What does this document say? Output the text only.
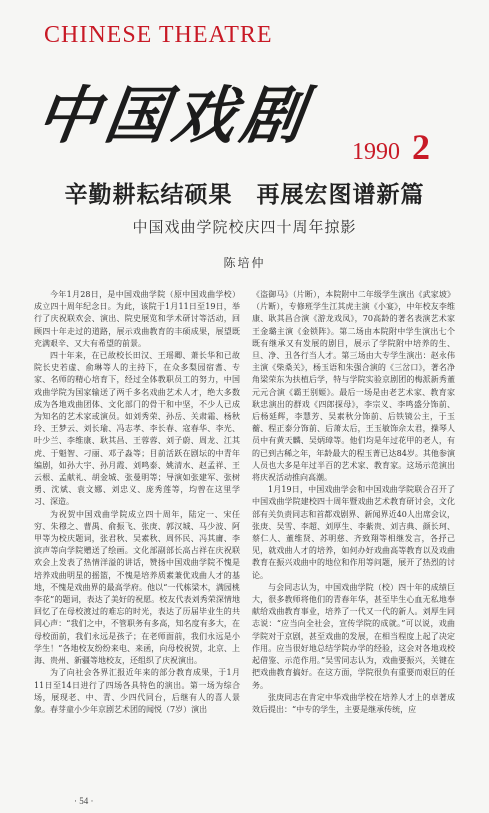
CHINESE THEATRE
中国戏剧 1990 2
辛勤耕耘结硕果　再展宏图谱新篇
中国戏曲学院校庆四十周年掠影
陈培仲

今年1月28日，是中国戏曲学院（原中国戏曲学校）成立四十周年纪念日。为此，该院于1月11日至19日，举行了庆祝联欢会、演出、院史展览和学术研讨等活动，回顾四十年走过的道路，展示戏曲教育的丰硕成果，展望既充满艰辛、又大有希望的前景。

四十年来，在已故校长田汉、王瑶卿、萧长华和已故院长史若虚、俞琳等人的主持下，在众多梨园宿耆、专家、名师的精心培育下，经过全体教职员工的努力，中国戏曲学院为国家输送了两千多名戏曲艺术人才，绝大多数成为各地戏曲团体、文化部门的骨干和中坚，不少人已成为知名的艺术家或演员。如刘秀荣、孙岳、关肃霜、杨秋玲、王梦云、刘长瑜、冯志孝、李长春、寇春华、李光、叶少兰、李维康、耿其昌、王蓉蓉、刘子蔚、周龙、江其虎、于魁智、刁丽、邓子淼等；目前活跃在剧坛的中青年编剧，如孙大宇、孙月霞、刘鸣泰、姚清水、赵孟祥、王云根、孟献礼、胡金城、张曼明等；导演如张建军、张树勇、沈斌、袁文娜、刘忠义、庞秀莲等，均曾在这里学习、深造。

为祝贺中国戏曲学院成立四十周年，陆定一、宋任穷、朱穆之、曹禺、俞振飞、张庚、郭汉城、马少波、阿甲等为校庆题词，张君秋、吴素秋、周怀民、冯其庸、李滨声等向学院赠送了绘画。文化部副部长高占祥在庆祝联欢会上发表了热情洋溢的讲话，赞扬中国戏曲学院不愧是培养戏曲明星的摇篮，不愧是培养质素兼优戏曲人才的基地，不愧是戏曲界的最高学府。他以“一代栋梁木，满园桃李花”的题词，表达了美好的祝愿。校友代表刘秀荣深情地回忆了在母校渡过的难忘的时光，表达了历届毕业生的共同心声：“我们之中，不管职务有多高，知名度有多大，在母校面前，我们永远是孩子；在老师面前，我们永远是小学生！”各地校友纷纷来电、来函，向母校祝贺，北京、上海、贵州、新疆等地校友，还组织了庆祝演出。

为了向社会各界汇报近年来的部分教育成果，于1月11日至14日进行了四场各具特色的演出。第一场为综合场，展现老、中、青、少四代同台，后继有人的喜人景象。春芽童小少年京剧艺术团的闻悦（7岁）演出

《盗御马》（片断），本院附中二年级学生演出《武家坡》（片断），专修班学生江其虎主演《小宴》，中年校友李维康、耿其昌合演《游龙戏凤》，70高龄的著名表演艺术家王金璐主演《金锁阵》。第二场由本院附中学生演出七个既有继承又有发展的剧目，展示了学院附中培养的生、旦、净、丑各行当人才。第三场由大专学生演出：赵永伟主演《柴桑关》，杨玉语和朱强合演的《三岔口》，著名净角梁荣东为扶植后学，特与学院实验京剧团的梅派新秀董元元合演《霸王别姬》。最后一场是由老艺术家、教育家耿忠演出的群戏《四郎探母》，李宗义、李鸣盛分饰前、后杨延辉，李慧芳、吴素秋分饰前、后铁镜公主，于玉蘅、程正泰分饰前、后萧太后，王玉敏饰佘太君，操琴人员中有黄天麟、吴炳璋等。他们均是年过花甲的老人，有的已到古稀之年，年龄最大的程玉菁已达84岁。其他参演人员也大多是年过半百的艺术家、教育家。这场示范演出将庆祝活动推向高潮。

1月19日，中国戏曲学会和中国戏曲学院联合召开了中国戏曲学院建校四十周年暨戏曲艺术教育研讨会，文化部有关负责同志和首都戏剧界、新闻界近40人出席会议，张庚、吴雪、李超、刘厚生、李紫贵、刘吉典、颜长珂、蔡仁人、董维贤、苏明慈、齐致翔等相继发言，各抒己见，就戏曲人才的培养，如何办好戏曲高等教育以及戏曲教育在振兴戏曲中的地位和作用等问题，展开了热烈的讨论。

与会同志认为，中国戏曲学院（校）四十年的成绩巨大，很多教师将他们的青春年华，甚至毕生心血无私地奉献给戏曲教育事业，培养了一代又一代的新人。刘厚生同志说：“应当向全社会，宣传学院的成就。”可以说，戏曲学院对于京剧，甚至戏曲的发展，在相当程度上起了决定作用。应当很好地总结学院办学的经验，这会对各地戏校起借鉴、示范作用。”吴雪同志认为，戏曲要振兴，关键在把戏曲教育搞好。在这方面，学院很负有重要而艰巨的任务。

张庚同志在肯定中华戏曲学校在培养人才上的卓著成效后提出：“中专的学生，主要是继承传统，应

· 54 ·
